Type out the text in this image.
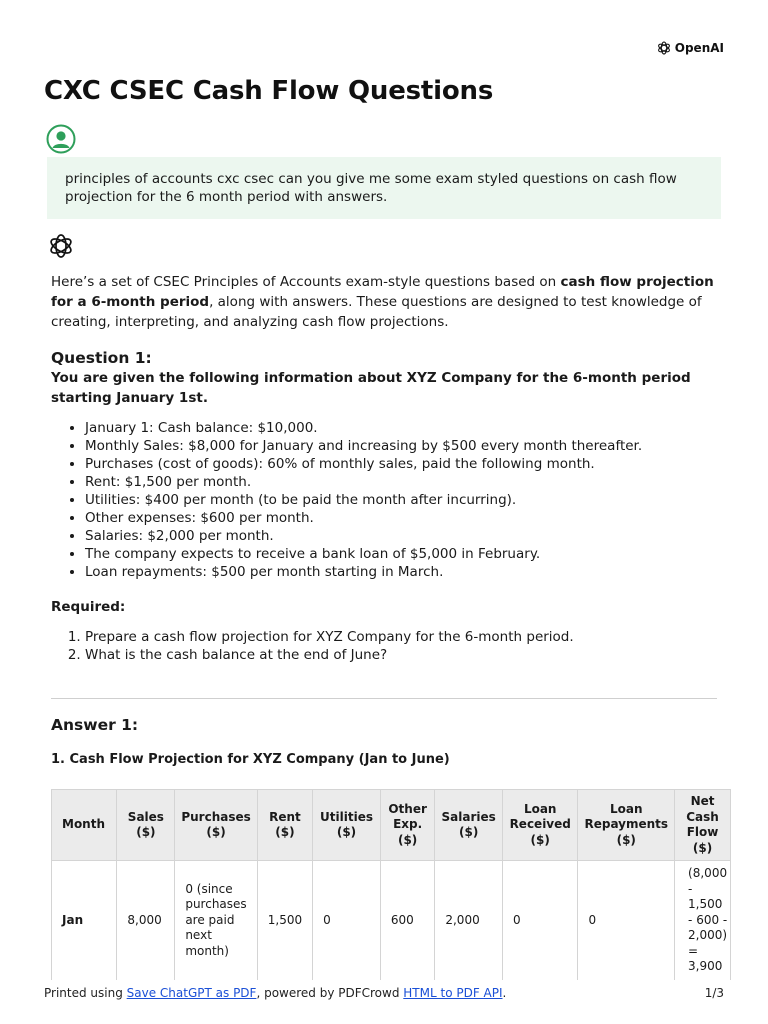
OpenAI
CXC CSEC Cash Flow Questions
principles of accounts cxc csec can you give me some exam styled questions on cash flow projection for the 6 month period with answers.

Here’s a set of CSEC Principles of Accounts exam-style questions based on cash flow projection for a 6-month period, along with answers. These questions are designed to test knowledge of creating, interpreting, and analyzing cash flow projections.

Question 1:

You are given the following information about XYZ Company for the 6-month period starting January 1st.

• January 1: Cash balance: $10,000.
• Monthly Sales: $8,000 for January and increasing by $500 every month thereafter.
• Purchases (cost of goods): 60% of monthly sales, paid the following month.
• Rent: $1,500 per month.
• Utilities: $400 per month (to be paid the month after incurring).
• Other expenses: $600 per month.
• Salaries: $2,000 per month.
• The company expects to receive a bank loan of $5,000 in February.
• Loan repayments: $500 per month starting in March.

Required:

1. Prepare a cash flow projection for XYZ Company for the 6-month period.
2. What is the cash balance at the end of June?

Answer 1:

1. Cash Flow Projection for XYZ Company (Jan to June)

Month	Sales ($)	Purchases ($)	Rent ($)	Utilities ($)	Other Exp. ($)	Salaries ($)	Loan Received ($)	Loan Repayments ($)	Net Cash Flow ($)
Jan	8,000	0 (since purchases are paid next month)	1,500	0	600	2,000	0	0	(8,000 - 1,500 - 600 - 2,000) = 3,900

Printed using Save ChatGPT as PDF, powered by PDFCrowd HTML to PDF API.	1/3
